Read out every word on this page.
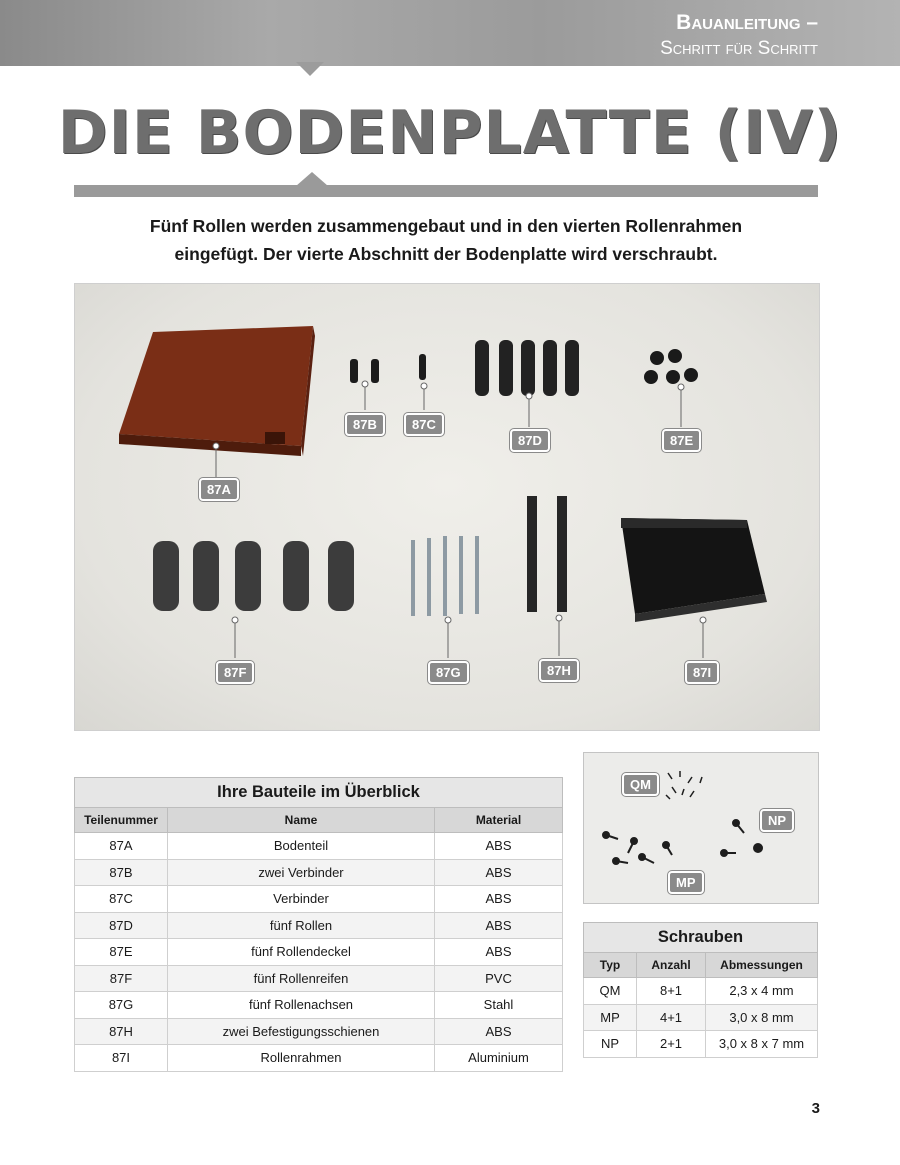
Bauanleitung –
Schritt für Schritt
DIE BODENPLATTE (IV)
Fünf Rollen werden zusammengebaut und in den vierten Rollenrahmen
eingefügt. Der vierte Abschnitt der Bodenplatte wird verschraubt.
87A
87B	87C
87D	87E
87F	87G	87H	87I
Ihre Bauteile im Überblick
Teilenummer	Name	Material
87A	Bodenteil	ABS
87B	zwei Verbinder	ABS
87C	Verbinder	ABS
87D	fünf Rollen	ABS
87E	fünf Rollendeckel	ABS
87F	fünf Rollenreifen	PVC
87G	fünf Rollenachsen	Stahl
87H	zwei Befestigungsschienen	ABS
87I	Rollenrahmen	Aluminium
QM
NP
MP
Schrauben
Typ	Anzahl	Abmessungen
QM	8+1	2,3 x 4 mm
MP	4+1	3,0 x 8 mm
NP	2+1	3,0 x 8 x 7 mm
3
